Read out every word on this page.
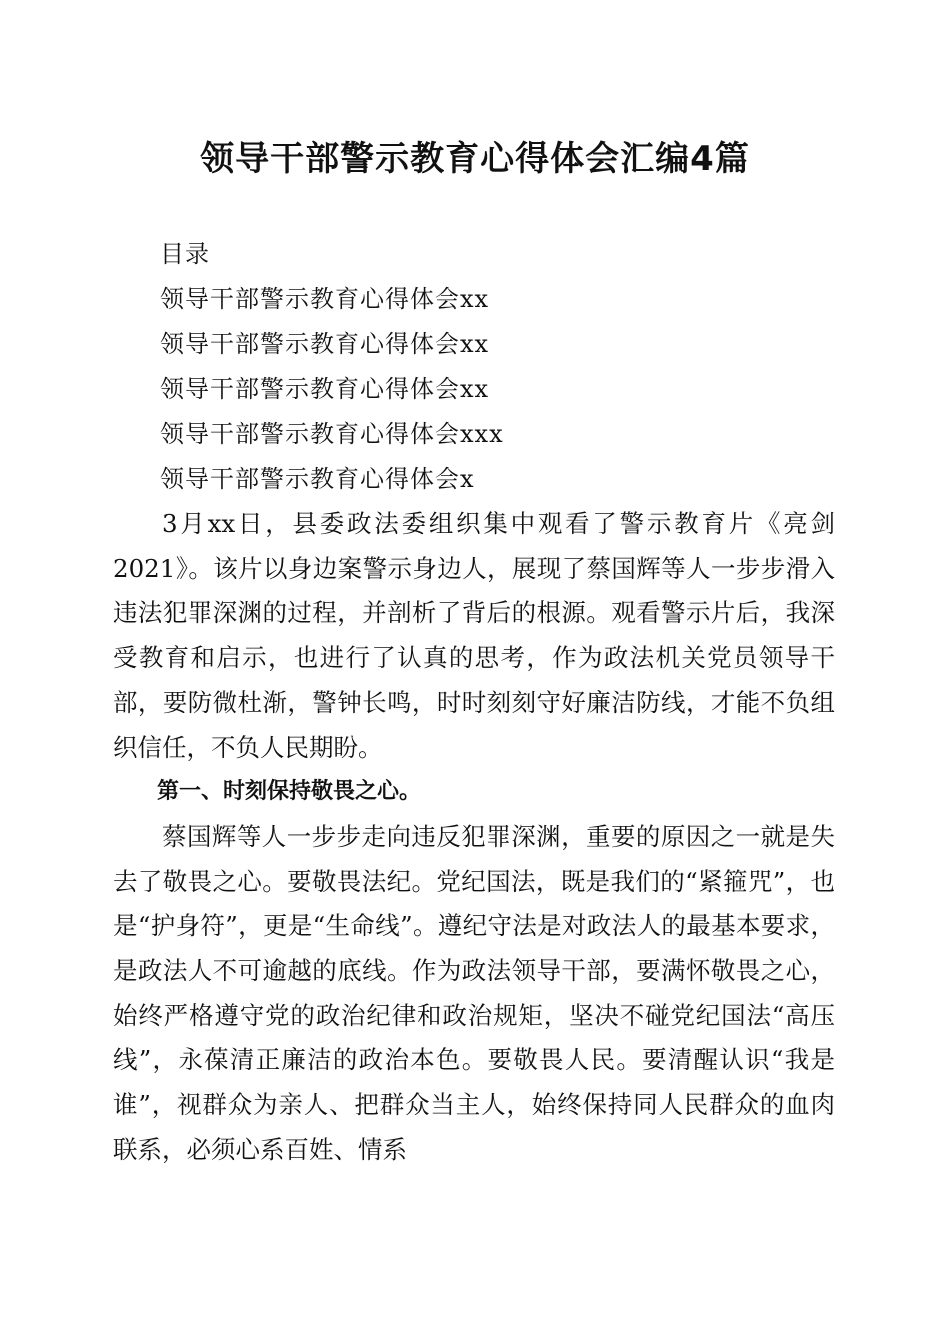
领导干部警示教育心得体会汇编4篇
目录
领导干部警示教育心得体会xx
领导干部警示教育心得体会xx
领导干部警示教育心得体会xx
领导干部警示教育心得体会xxx
领导干部警示教育心得体会x

3月xx日，县委政法委组织集中观看了警示教育片《亮剑2021》。该片以身边案警示身边人，展现了蔡国辉等人一步步滑入违法犯罪深渊的过程，并剖析了背后的根源。观看警示片后，我深受教育和启示，也进行了认真的思考，作为政法机关党员领导干部，要防微杜渐，警钟长鸣，时时刻刻守好廉洁防线，才能不负组织信任，不负人民期盼。

第一、时刻保持敬畏之心。

蔡国辉等人一步步走向违反犯罪深渊，重要的原因之一就是失去了敬畏之心。要敬畏法纪。党纪国法，既是我们的“紧箍咒”，也是“护身符”，更是“生命线”。遵纪守法是对政法人的最基本要求，是政法人不可逾越的底线。作为政法领导干部，要满怀敬畏之心，始终严格遵守党的政治纪律和政治规矩，坚决不碰党纪国法“高压线”，永葆清正廉洁的政治本色。要敬畏人民。要清醒认识“我是谁”，视群众为亲人、把群众当主人，始终保持同人民群众的血肉联系，必须心系百姓、情系
